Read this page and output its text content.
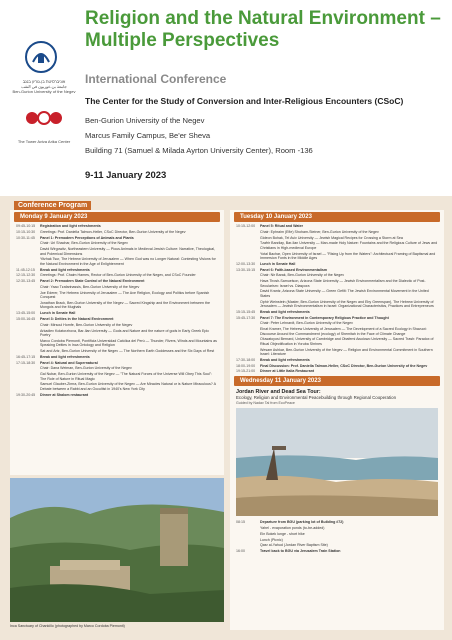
אוניברסיטת בן-גוריון בנגב
جامعة بن-غوريون في النقب
Ben-Gurion University of the Negev
The Tower Aviva Arika Center
Religion and the Natural Environment –
Multiple Perspectives
International Conference
The Center for the Study of Conversion and Inter-Religious Encounters (CSoC)
Ben-Gurion University of the Negev
Marcus Family Campus, Be'er Sheva
Building 71 (Samuel & Milada Ayrton University Center), Room -136
9-11 January 2023
Conference Program
Monday 9 January 2023
09:45-10:15	Registration and light refreshments
10:15-10:30	Greetings: Prof. Daniella Talmon-Heller, CSoC Director, Ben-Gurion University of the Negev
10:30-11:45	Panel 1: Premodern Perceptions of Animals and Plants
Chair: Uri Shachar, Ben-Gurion University of the Negev
David Wirgowitz, Northeastern University — Pious Animals in Medieval Jewish Culture: Narrative, Theological, and Polemical Dimensions
Yitzhak Tsur, The Hebrew University of Jerusalem — When God was no Longer Natural: Contesting Visions for the Natural Environment in the Age of Enlightenment
11:45-12:15	Break and light refreshments
12:15-12:30	Greetings: Prof. Chaim Hames, Rector of Ben-Gurion University of the Negev, and CSoC Founder
12:30-13:45	Panel 2: Premodern State Control of the Natural Environment
Chair: Yaao Tzafarinassis, Ben-Gurion University of the Negev
Joe Ederer, The Hebrew University of Jerusalem — The Axe Religion, Ecology and Politics before Spanish Conquest
Jonathan Brack, Ben-Gurion University of the Negev — Sacred Kingship and the Environment between the Mongols and the Mughals
13:45-15:00	Lunch in Senate Hall
15:00-16:45	Panel 3: Deities in the Natural Environment
Chair: Mirsoul Homfe, Ben-Gurion University of the Negev
Arkadiev Kolatorzhova, Bar-Ilan University — Gods and Nature and the nature of gods in Early Greek Epic Poetry
Marco Cordoba Piemonti, Pontificia Universidad Católica del Perú — Thunder, Rivers, Winds and Mountains as Speaking Deities in Inca Ontology and Religion
Sat and Artz, Ben-Gurion University of the Negev — The Northern Earth Goddesses and the Six Days of Rest
16:45-17:15	Break and light refreshments
17:15-18:30	Panel 4: Natural and Supernatural
Chair: Dana Weiman, Ben-Gurion University of the Negev
Gal Nubar, Ben-Gurion University of the Negev — "The Natural Forces of the Universe Will Obey This Soul": The Role of Nature in Ritual Magic
Samuel Glauber-Zimra, Ben-Gurion University of the Negev — Are Miracles Natural or is Nature Miraculous? A Debate between a Rabbi and an Occultist in 1940's New York City
19:30-20:45	Dinner at Shalom restaurant
Inca Sanctuary of Chankillo (photographed by Marco Cordoba Piemonti)
Tuesday 10 January 2023
10:15-12:00	Panel 5: Ritual and Water
Chair: Ephraim (Efie) Shoham-Steiner, Ben-Gurion University of the Negev
Gideon Bohak, Tel Aviv University — Jewish Magical Recipes for Crossing a Storm at Sea
Tzafrir Barzilay, Bar-Ilan University — Man-made Holy Nature: Fountains and the Religious Culture of Jews and Christians in High-medieval Europe
Yotal Bachar, Open University of Israel — "Rising Up from the Waters": Architectural Framing of Baptismal and Immersion Fonts in the Middle Ages
12:00-13:30	Lunch in Senate Hall
13:30-15:15	Panel 6: Faith-based Environmentalism
Chair: Nir Barak, Ben-Gurion University of the Negev
Hava Tirosh-Samuelson, Arizona State University — Jewish Environmentalism and the Dialectic of Post-Secularism: Israel vs. Diaspora
David Krantz, Arizona State University — Green Gefilt: The Jewish Environmental Movement in the United States
Ophir Weinstein (Master, Ben-Gurion University of the Negev and Eby Greenspan), The Hebrew University of Jerusalem — Jewish Environmentalism in Israel: Organizational Characteristics, Practices and Entrepreneurs
15:15-15:45	Break and light refreshments
15:45-17:30	Panel 7: The Environment in Contemporary Religious Practice and Thought
Chair: Peter Lehnardt, Ben-Gurion University of the Negev
Einat Kramer, The Hebrew University of Jerusalem — The Development of a Sacred Ecology in Shavuot: Discourse Around the Commandment (ecology) of Shemitah in the Face of Climate Change
Oluwatoyosi Bernard, University of Cambridge and Obafemi Awolowo University — Sacred Trash: Paradox of Ritual Objectification in Yoruba Shrines
Wesam Ashkar, Ben-Gurion University of the Negev — Religion and Environmental Commitment in Southern Israel: Literature
17:30-18:00	Break and light refreshments
18:00-19:00	Final Discussion: Prof. Daniella Talmon-Heller, CSoC Director, Ben-Gurion University of the Negev
19:15-21:00	Dinner at Little Italia Restaurant
Wednesday 11 January 2023
Jordan River and Dead Sea Tour:
Ecology, Religion and Environmental Peacebuilding through Regional Cooperation
Guided by Nadav Tal from EcoPeace
08:15	Departure from BGU (parking lot of Building #72)
Yahel - evaporation ponds (to-be-added)
Ein Bokek lunge - short hike
Lunch (Picnic)
Qasr al-Yahud (Jordan River Baptism Site)
16:00	Travel back to BGU via Jerusalem Train Station
